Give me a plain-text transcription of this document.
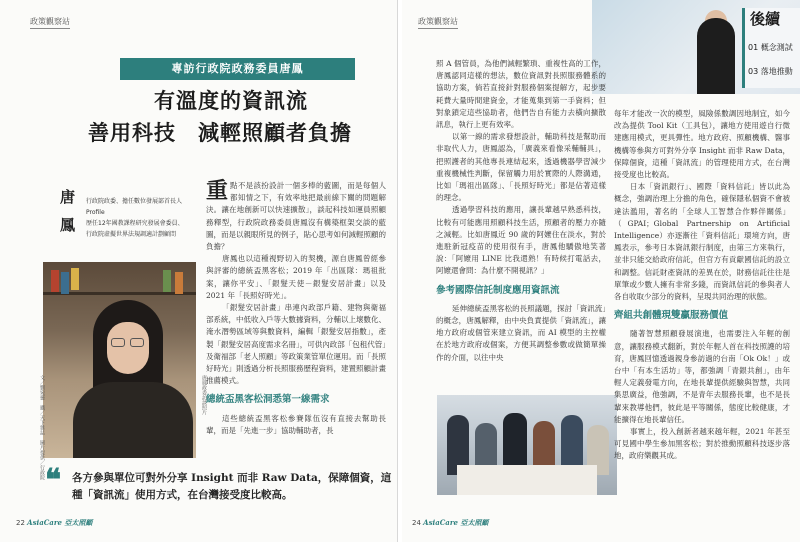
政策觀察站
專訪行政院政務委員唐鳳
有溫度的資訊流
善用科技　減輕照顧者負擔
唐
鳳
行政院政委、擔任數位發展部首長人
Profile
歷任12年國教課程研究發展會委員、
行政院虛擬世界法規調適計劃顧問
文／劉宛靈　攝／天下雜誌　圖片提供／行政院	唐鳳政委訪談照片
重 點不是該扮設計一個多棒的藍圖，而是每個人都知情之下，有效率地把最前線下關的問題解決。讓在地創新可以快速擴散」，談起科技如運員照顧務釋型，行政院政務委員唐鳳沒有構築框架交談的藍圖，而是以親眼所見的例子，貼心思考如何減輕照顧的負擔？
唐鳳也以這種視野切入的契機，源自唐鳳曾經參與評審的總統盃黑客松；2019 年「出區隊：瑪祖批案，讓你平安」、「銀髮天使－銀髮安居計畫」以及 2021 年「長照好時光」。
「銀髮安居計畫」串連內政部戶籍、建物與衛福部系統，中低收入戶等大數據資料，分輔以上壞數化、淹水潛勢區域等與數資料，編輯「銀髮安居指數」，產製「銀髮安居高度需求名冊」，可供內政部「包租代管」及衛福部「老人照顧」等政策業管單位運用。而「長照好時光」則透過分析長照服務歷程資料，建置照顧計畫推薦模式。
總統盃黑客松洞悉第一線需求
這些總統盃黑客松參賽隊伍沒有直接去幫助長輩，而是「先進一步」協助輔助者，長
❝ 各方參與單位可對外分享 Insight 而非 Raw Data，保障個資，這種「資訊流」使用方式，在台灣接受度比較高。
22 AsiaCare 亞太照顧
政策觀察站	後續
01 概念測試
03 落地推動
照 A 個管員，為他們減輕繁瑣、重複性高的工作，唐鳳認同這樣的想法，數位資訊對長照服務體系的協助方案，倘若直接針對服務個案提解方，起步要耗費大量時間建資金，才能蒐集到第一手資料；但對象鎖定這些協助者，他們告自有能力去橫向擴散訊息，執行上更有效率。
以第一線的需求發想設計，輔助科技是幫助而非取代人力，唐鳳認為，「廣義來看像采輔輔具」，把照護者的其他專長連結起來，透過機器學習減少重複機械性判斷，保留觸力用於實際的人際溝通，比如「瑪祖出區隊」、「長照好時光」都是佔著這樣的理念。
透過學習科技的應用，讓長輩越早熟悉科技，比較有可能應用照顧科技生活，照顧者的壓力亦隨之減輕。比如唐鳳近 90 歲的阿嬤住在淡水，對於進駐新冠疫苗的使用很有手，唐鳳他驕傲地笑著說：「阿嬤用 LINE 比我還熟！有時候打電話去，阿嬤還會問：為什麼不開視訊？」
參考國際信託制度應用資訊流
延伸總統盃黑客松的長照議題，探討「資訊流」的概念，唐鳳解釋，由中央負責提供「資訊流」，讓地方政府或個管來建立資訊，而 AI 模型的主控權在於地方政府或個案，方便其調整參數或做簡單操作的介面，以往中央
每年才能改一次的模型，風險係數調因地制宜，如今改為提供 Tool Kit（工具包），讓地方使用遊自行微建應用模式，更具彈性。地方政府、照顧機構、醫事機構等參與方可對外分享 Insight 而非 Raw Data，保障個資，這種「資訊流」的管理使用方式，在台灣接受度也比較高。
日本「資訊銀行」、國際「資料信託」皆以此為概念，強調治理上分擔的角色，確保隱私個資不會被違法濫用，著名的「全球人工智慧合作夥伴關係」（GPAI；Global Partnership on Artificial Intelligence）亦逐漸往「資料信託」環境方向，唐鳳表示，參考日本資訊銀行制度，由第三方來執行，並非只能交給政府信託，但官方有貢獻國信託的設立和調整。信託財產資訊的差異在於，財務信託往往是單筆或少數人擁有非常多錢，而資訊信託的參與者人各自收取少部分的資料，呈現共同治理的狀態。
齊組共創體現雙贏服務價值
隨著智慧照顧發展演進，也需要注入年輕的創意，讓服務模式翻新，對於年輕人首在科技照護的培育，唐鳳回憶透過親身參訪過的台南「Ok Ok！」或台中「有本生活坊」等，都強調「青銀共創」，由年輕人定義發電方向，在地長輩提供經驗與智慧，共同集思廣益，他強調，不是青年去服務長輩，也不是長輩來教導他們，彼此是平等關係，態度比較健康，才能擴得在地長輩信任。
事實上，投入創新者越來越年輕，2021 年甚至可見國中學生參加黑客松；對於推動照顧科技逐步落地，政府樂觀其成。
24 AsiaCare 亞太照顧
